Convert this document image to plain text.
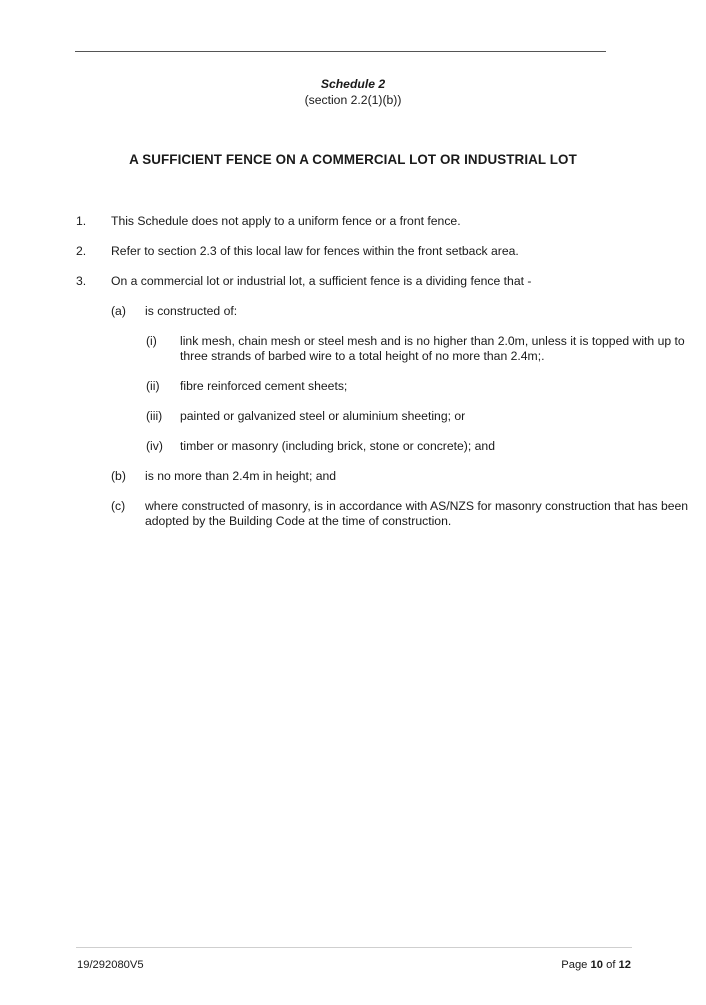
Schedule 2
(section 2.2(1)(b))
A SUFFICIENT FENCE ON A COMMERCIAL LOT OR INDUSTRIAL LOT
1. This Schedule does not apply to a uniform fence or a front fence.
2. Refer to section 2.3 of this local law for fences within the front setback area.
3. On a commercial lot or industrial lot, a sufficient fence is a dividing fence that -
(a) is constructed of:
(i) link mesh, chain mesh or steel mesh and is no higher than 2.0m, unless it is topped with up to
three strands of barbed wire to a total height of no more than 2.4m;.
(ii) fibre reinforced cement sheets;
(iii) painted or galvanized steel or aluminium sheeting; or
(iv) timber or masonry (including brick, stone or concrete); and
(b) is no more than 2.4m in height; and
(c) where constructed of masonry, is in accordance with AS/NZS for masonry construction that has been
adopted by the Building Code at the time of construction.
19/292080V5	Page 10 of 12
